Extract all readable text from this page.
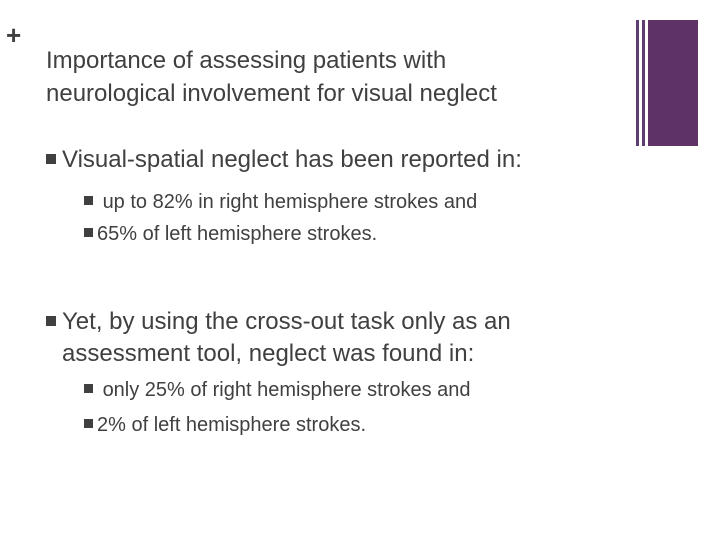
+
Importance of assessing patients with
neurological involvement for visual neglect
Visual-spatial neglect has been reported in:
up to 82% in right hemisphere strokes and
65% of left hemisphere strokes.
Yet, by using the cross-out task only as an
assessment tool, neglect was found in:
only 25% of right hemisphere strokes and
2% of left hemisphere strokes.
